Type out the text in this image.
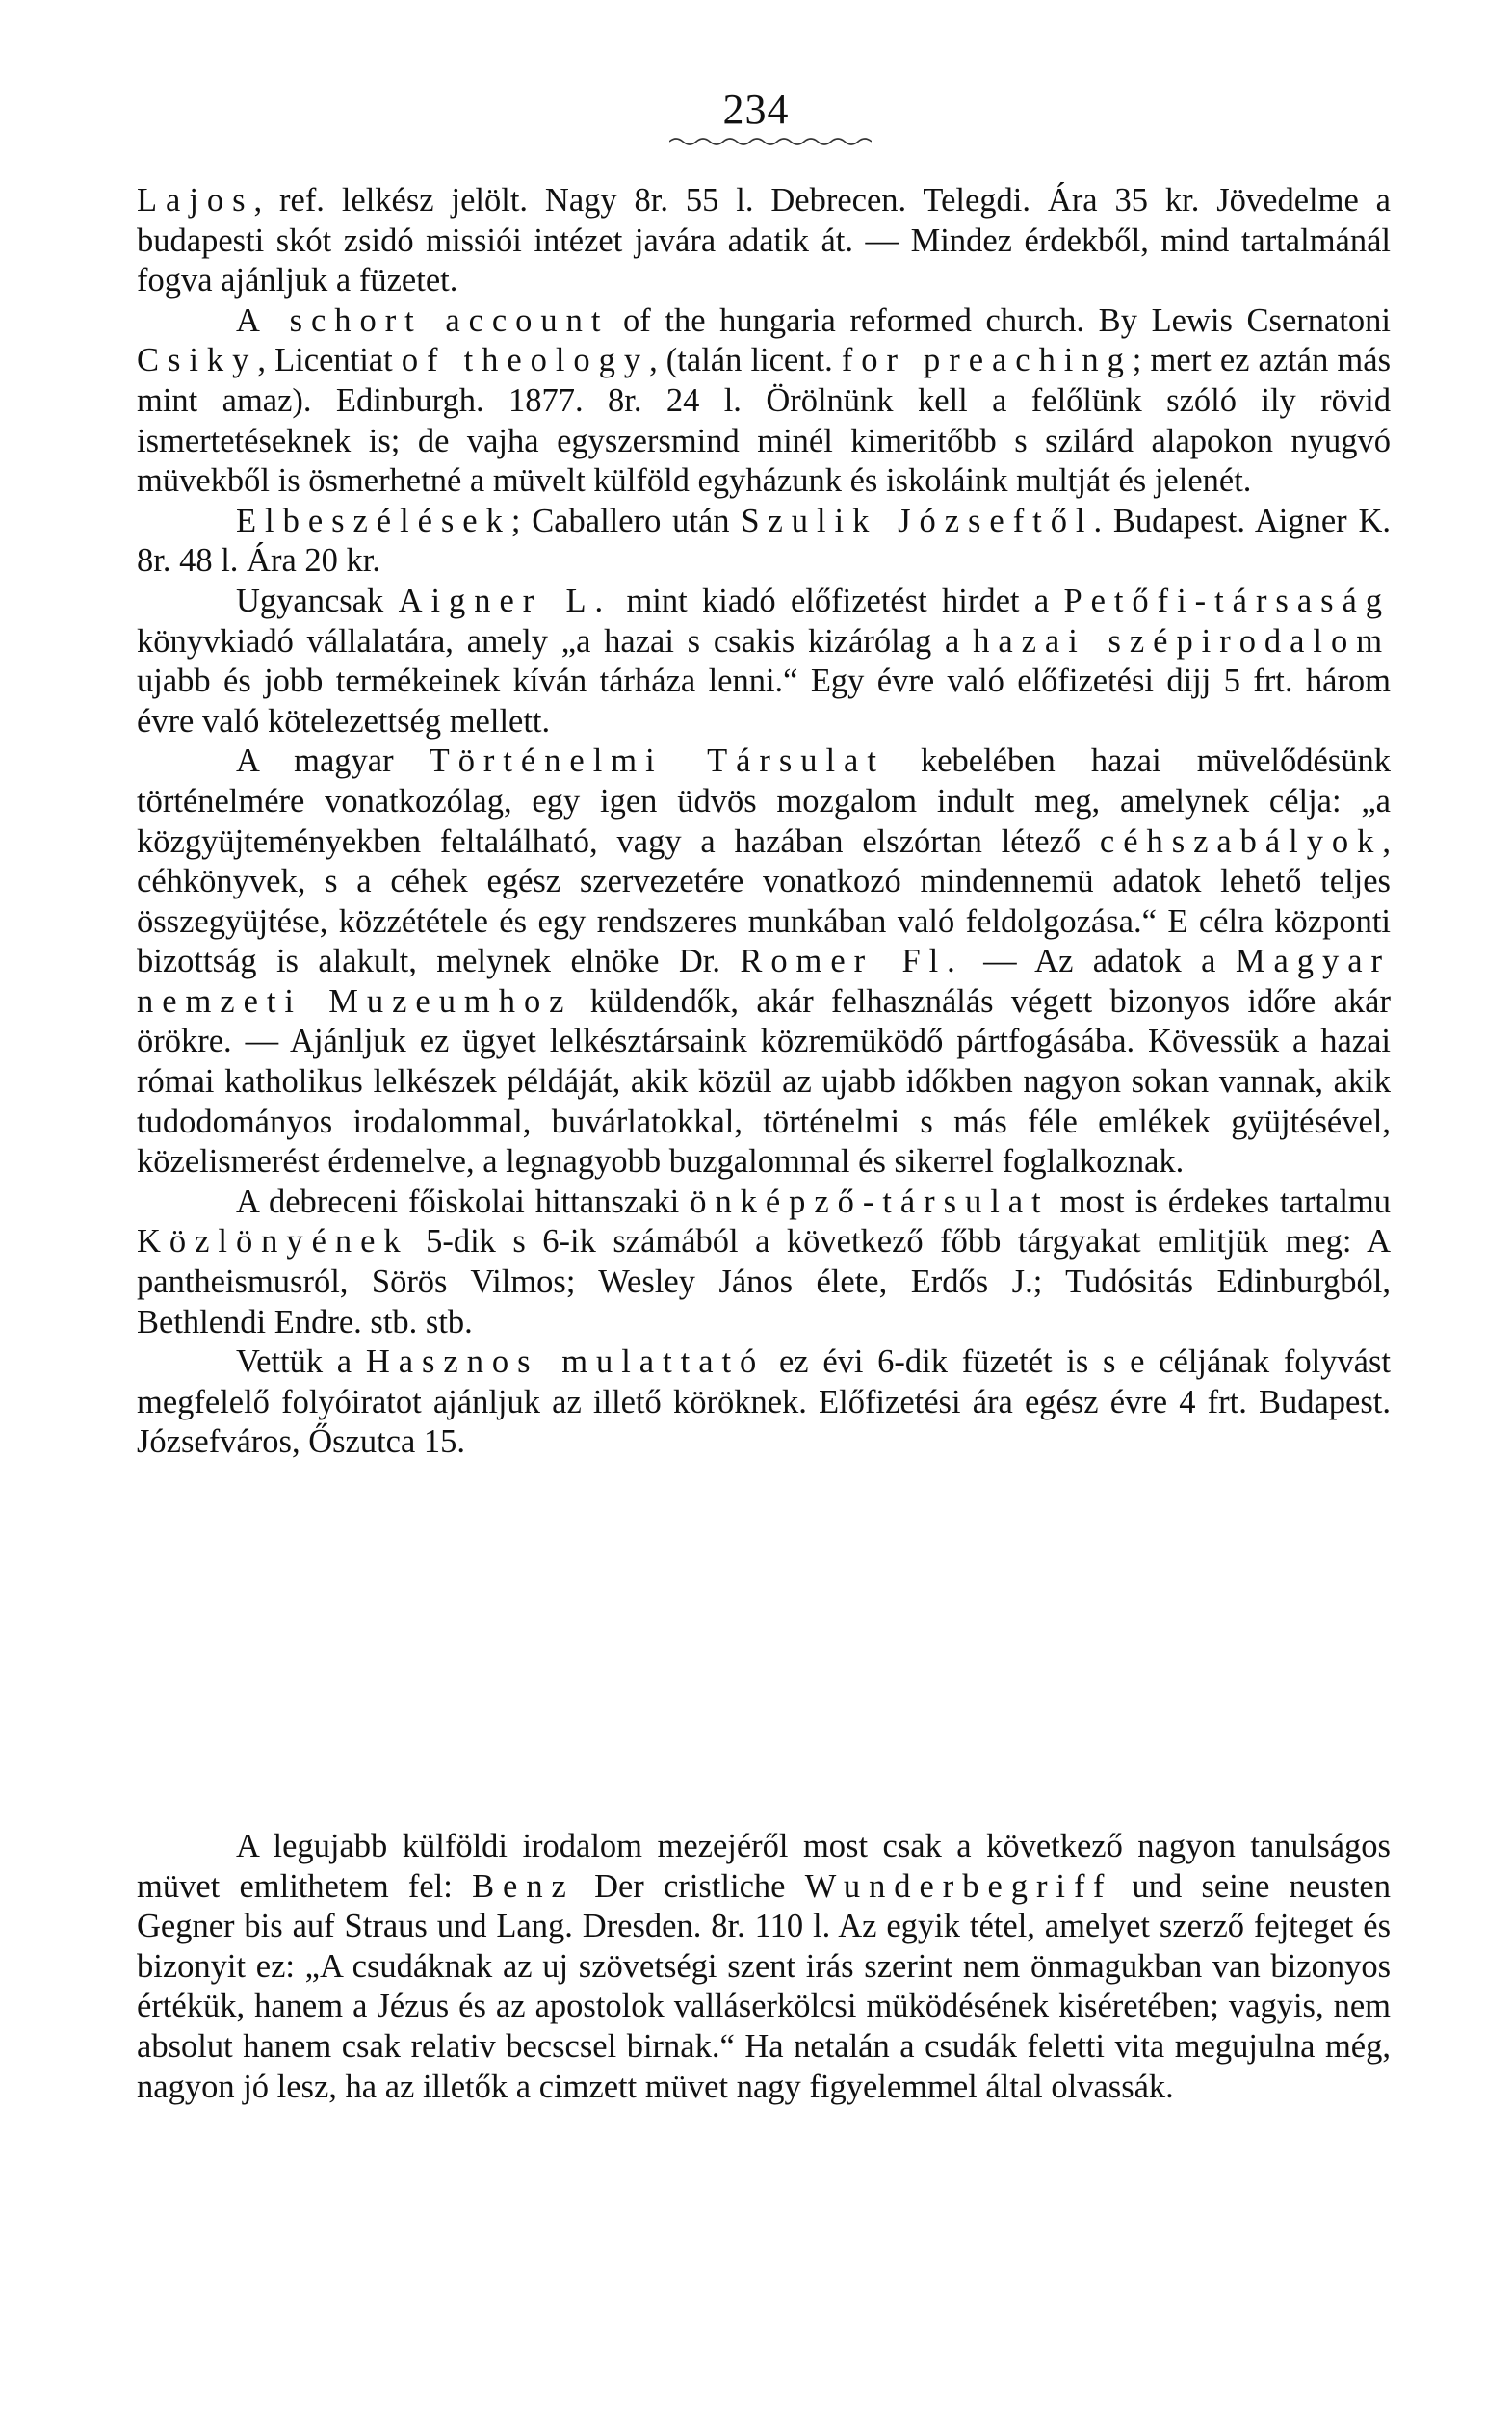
234

Lajos, ref. lelkész jelölt. Nagy 8r. 55 l. Debrecen. Telegdi. Ára 35 kr. Jövedelme a budapesti skót zsidó missiói intézet javára adatik át. — Mindez érdekből, mind tartalmánál fogva ajánljuk a füzetet.

A schort account of the hungaria reformed church. By Lewis Csernatoni Csiky, Licentiat of theology, (talán licent. for preaching; mert ez aztán más mint amaz). Edinburgh. 1877. 8r. 24 l. Örölnünk kell a felőlünk szóló ily rövid ismertetéseknek is; de vajha egyszersmind minél kimeritőbb s szilárd alapokon nyugvó müvekből is ösmerhetné a müvelt külföld egyházunk és iskoláink multját és jelenét.

Elbeszélések; Caballero után Szulik Józseftől. Budapest. Aigner K. 8r. 48 l. Ára 20 kr.

Ugyancsak Aigner L. mint kiadó előfizetést hirdet a Petőfi-társaság könyvkiadó vállalatára, amely „a hazai s csakis kizárólag a hazai szépirodalom ujabb és jobb termékeinek kíván tárháza lenni.“ Egy évre való előfizetési dijj 5 frt. három évre való kötelezettség mellett.

A magyar Történelmi Társulat kebelében hazai müvelődésünk történelmére vonatkozólag, egy igen üdvös mozgalom indult meg, amelynek célja: „a közgyüjteményekben feltalálható, vagy a hazában elszórtan létező céhszabályok, céhkönyvek, s a céhek egész szervezetére vonatkozó mindennemü adatok lehető teljes összegyüjtése, közzététele és egy rendszeres munkában való feldolgozása.“ E célra központi bizottság is alakult, melynek elnöke Dr. Romer Fl. — Az adatok a Magyar nemzeti Muzeumhoz küldendők, akár felhasználás végett bizonyos időre akár örökre. — Ajánljuk ez ügyet lelkésztársaink közremüködő pártfogásába. Kövessük a hazai római katholikus lelkészek példáját, akik közül az ujabb időkben nagyon sokan vannak, akik tudodományos irodalommal, buvárlatokkal, történelmi s más féle emlékek gyüjtésével, közelismerést érdemelve, a legnagyobb buzgalommal és sikerrel foglalkoznak.

A debreceni főiskolai hittanszaki önképző-társulat most is érdekes tartalmu Közlönyének 5-dik s 6-ik számából a következő főbb tárgyakat emlitjük meg: A pantheismusról, Sörös Vilmos; Wesley János élete, Erdős J.; Tudósitás Edinburgból, Bethlendi Endre. stb. stb.

Vettük a Hasznos mulattató ez évi 6-dik füzetét is s e céljának folyvást megfelelő folyóiratot ajánljuk az illető köröknek. Előfizetési ára egész évre 4 frt. Budapest. Józsefváros, Őszutca 15.

A legujabb külföldi irodalom mezejéről most csak a következő nagyon tanulságos müvet emlithetem fel: Benz Der cristliche Wunderbegriff und seine neusten Gegner bis auf Straus und Lang. Dresden. 8r. 110 l. Az egyik tétel, amelyet szerző fejteget és bizonyit ez: „A csudáknak az uj szövetségi szent irás szerint nem önmagukban van bizonyos értékük, hanem a Jézus és az apostolok valláserkölcsi müködésének kiséretében; vagyis, nem absolut hanem csak relativ becscsel birnak.“ Ha netalán a csudák feletti vita megujulna még, nagyon jó lesz, ha az illetők a cimzett müvet nagy figyelemmel által olvassák.
